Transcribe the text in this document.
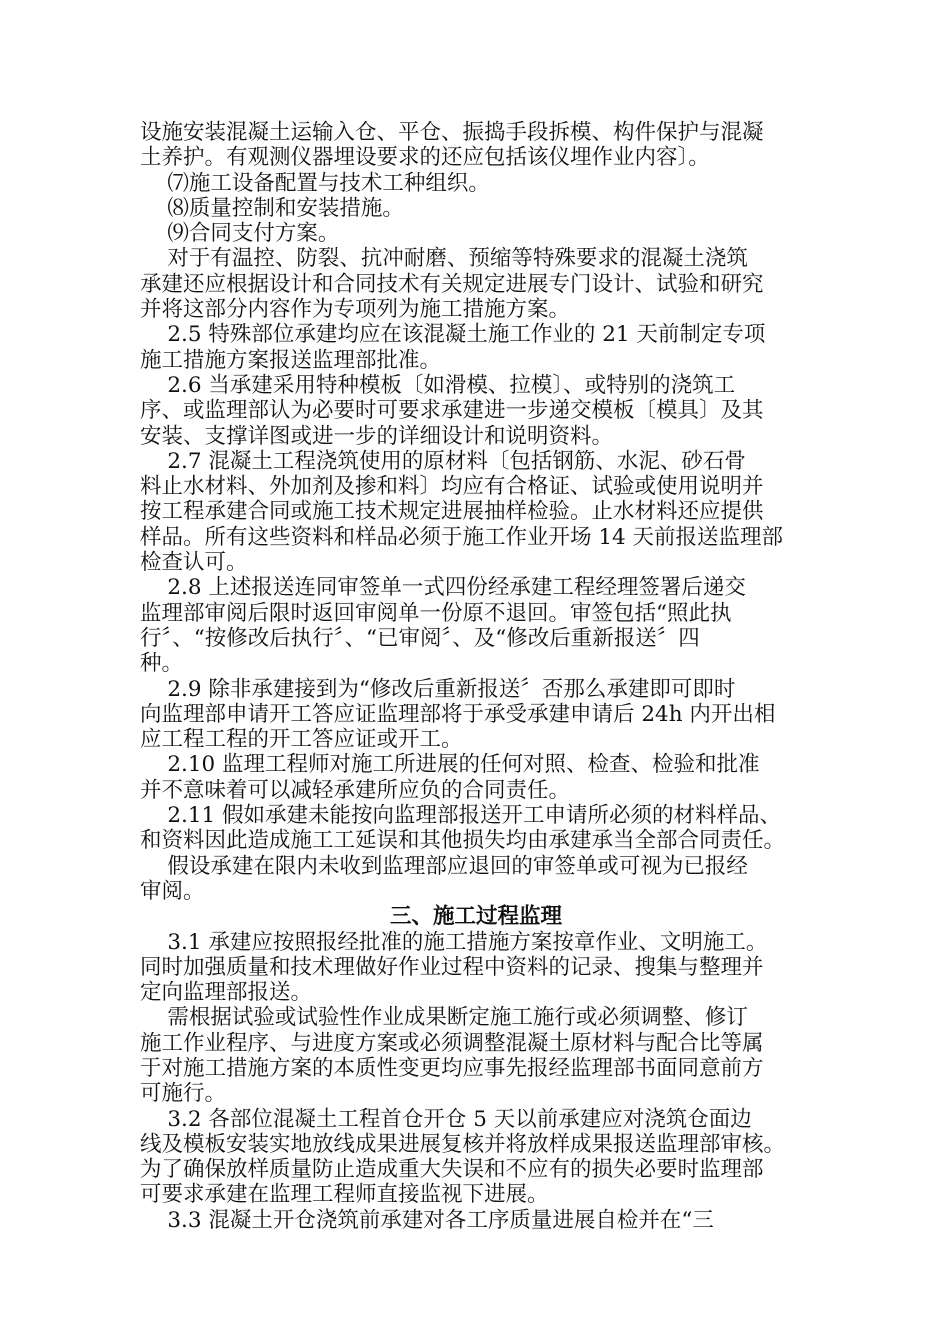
设施安装混凝土运输入仓、平仓、振捣手段拆模、构件保护与混凝
土养护。有观测仪器埋设要求的还应包括该仪埋作业内容〕。
⑺施工设备配置与技术工种组织。
⑻质量控制和安装措施。
⑼合同支付方案。
对于有温控、防裂、抗冲耐磨、预缩等特殊要求的混凝土浇筑
承建还应根据设计和合同技术有关规定进展专门设计、试验和研究
并将这部分内容作为专项列为施工措施方案。
2.5 特殊部位承建均应在该混凝土施工作业的 21 天前制定专项
施工措施方案报送监理部批准。
2.6 当承建采用特种模板〔如滑模、拉模〕、或特别的浇筑工
序、或监理部认为必要时可要求承建进一步递交模板〔模具〕及其
安装、支撑详图或进一步的详细设计和说明资料。
2.7 混凝土工程浇筑使用的原材料〔包括钢筋、水泥、砂石骨
料止水材料、外加剂及掺和料〕均应有合格证、试验或使用说明并
按工程承建合同或施工技术规定进展抽样检验。止水材料还应提供
样品。所有这些资料和样品必须于施工作业开场 14 天前报送监理部
检查认可。
2.8 上述报送连同审签单一式四份经承建工程经理签署后递交
监理部审阅后限时返回审阅单一份原不退回。审签包括“照此执
行〞、“按修改后执行〞、“已审阅〞、及“修改后重新报送〞四
种。
2.9 除非承建接到为“修改后重新报送〞否那么承建即可即时
向监理部申请开工答应证监理部将于承受承建申请后 24h 内开出相
应工程工程的开工答应证或开工。
2.10 监理工程师对施工所进展的任何对照、检查、检验和批准
并不意味着可以减轻承建所应负的合同责任。
2.11 假如承建未能按向监理部报送开工申请所必须的材料样品、
和资料因此造成施工工延误和其他损失均由承建承当全部合同责任。
假设承建在限内未收到监理部应退回的审签单或可视为已报经
审阅。
三、施工过程监理
3.1 承建应按照报经批准的施工措施方案按章作业、文明施工。
同时加强质量和技术理做好作业过程中资料的记录、搜集与整理并
定向监理部报送。
需根据试验或试验性作业成果断定施工施行或必须调整、修订
施工作业程序、与进度方案或必须调整混凝土原材料与配合比等属
于对施工措施方案的本质性变更均应事先报经监理部书面同意前方
可施行。
3.2 各部位混凝土工程首仓开仓 5 天以前承建应对浇筑仓面边
线及模板安装实地放线成果进展复核并将放样成果报送监理部审核。
为了确保放样质量防止造成重大失误和不应有的损失必要时监理部
可要求承建在监理工程师直接监视下进展。
3.3 混凝土开仓浇筑前承建对各工序质量进展自检并在“三
